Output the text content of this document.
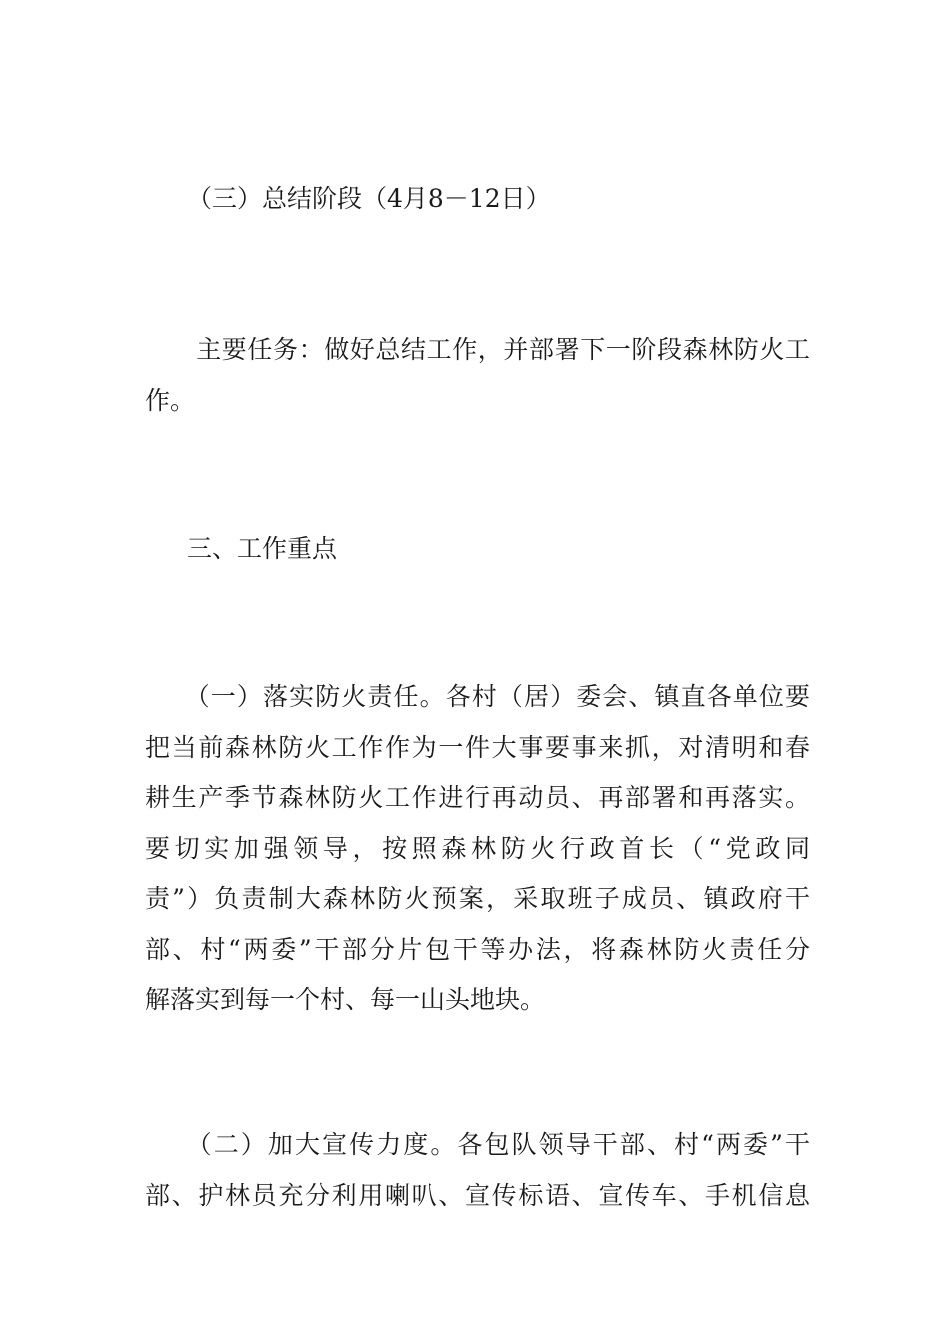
（三）总结阶段（4月8－12日）

　　主要任务：做好总结工作，并部署下一阶段森林防火工
作。

三、工作重点

　　（一）落实防火责任。各村（居）委会、镇直各单位要
把当前森林防火工作作为一件大事要事来抓，对清明和春
耕生产季节森林防火工作进行再动员、再部署和再落实。
要切实加强领导，按照森林防火行政首长（“党政同
责”）负责制大森林防火预案，采取班子成员、镇政府干
部、村“两委”干部分片包干等办法，将森林防火责任分
解落实到每一个村、每一山头地块。
　　（二）加大宣传力度。各包队领导干部、村“两委”干
部、护林员充分利用喇叭、宣传标语、宣传车、手机信息
